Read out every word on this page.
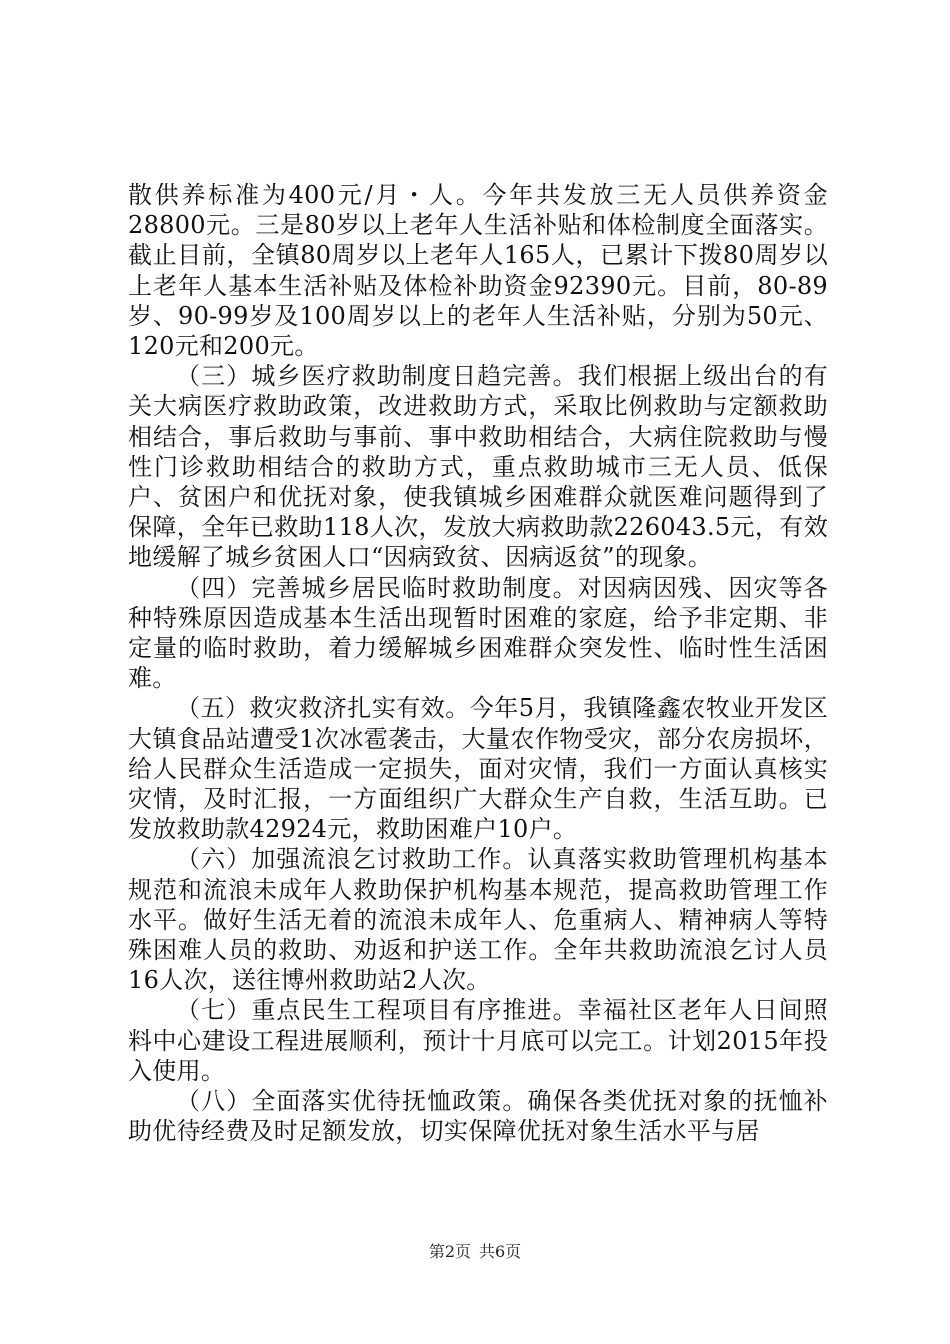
散供养标准为400元/月・人。今年共发放三无人员供养资金28800元。三是80岁以上老年人生活补贴和体检制度全面落实。截止目前，全镇80周岁以上老年人165人，已累计下拨80周岁以上老年人基本生活补贴及体检补助资金92390元。目前，80-89岁、90-99岁及100周岁以上的老年人生活补贴，分别为50元、120元和200元。

（三）城乡医疗救助制度日趋完善。我们根据上级出台的有关大病医疗救助政策，改进救助方式，采取比例救助与定额救助相结合，事后救助与事前、事中救助相结合，大病住院救助与慢性门诊救助相结合的救助方式，重点救助城市三无人员、低保户、贫困户和优抚对象，使我镇城乡困难群众就医难问题得到了保障，全年已救助118人次，发放大病救助款226043.5元，有效地缓解了城乡贫困人口“因病致贫、因病返贫”的现象。

（四）完善城乡居民临时救助制度。对因病因残、因灾等各种特殊原因造成基本生活出现暂时困难的家庭，给予非定期、非定量的临时救助，着力缓解城乡困难群众突发性、临时性生活困难。

（五）救灾救济扎实有效。今年5月，我镇隆鑫农牧业开发区大镇食品站遭受1次冰雹袭击，大量农作物受灾，部分农房损坏，给人民群众生活造成一定损失，面对灾情，我们一方面认真核实灾情，及时汇报，一方面组织广大群众生产自救，生活互助。已发放救助款42924元，救助困难户10户。

（六）加强流浪乞讨救助工作。认真落实救助管理机构基本规范和流浪未成年人救助保护机构基本规范，提高救助管理工作水平。做好生活无着的流浪未成年人、危重病人、精神病人等特殊困难人员的救助、劝返和护送工作。全年共救助流浪乞讨人员16人次，送往博州救助站2人次。

（七）重点民生工程项目有序推进。幸福社区老年人日间照料中心建设工程进展顺利，预计十月底可以完工。计划2015年投入使用。

（八）全面落实优待抚恤政策。确保各类优抚对象的抚恤补助优待经费及时足额发放，切实保障优抚对象生活水平与居

第2页 共6页
